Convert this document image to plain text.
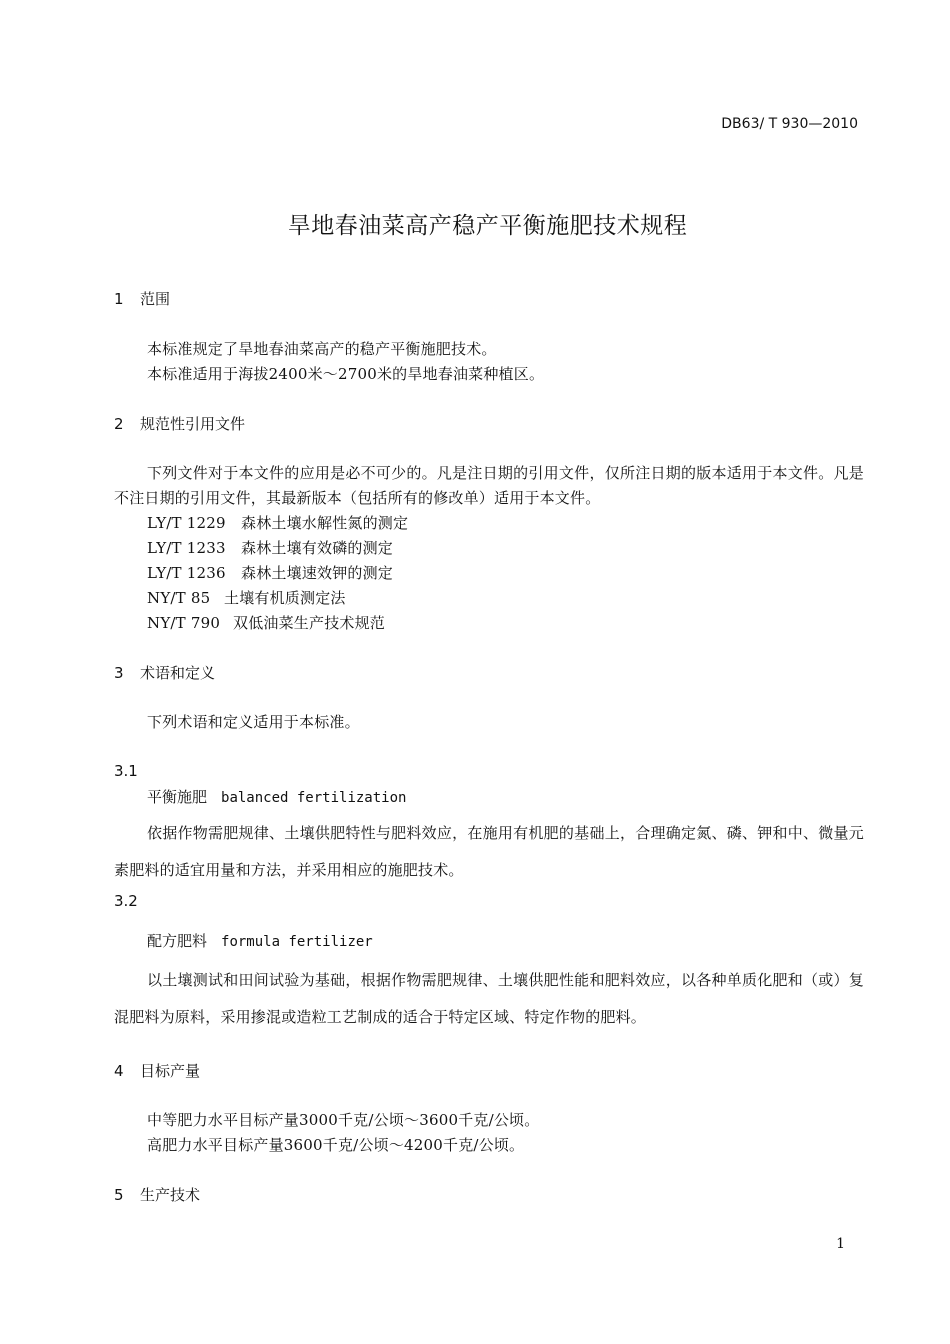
DB63/ T 930—2010
旱地春油菜高产稳产平衡施肥技术规程
1 范围
本标准规定了旱地春油菜高产的稳产平衡施肥技术。
本标准适用于海拔2400米～2700米的旱地春油菜种植区。
2 规范性引用文件
下列文件对于本文件的应用是必不可少的。凡是注日期的引用文件，仅所注日期的版本适用于本文件。凡是不注日期的引用文件，其最新版本（包括所有的修改单）适用于本文件。
LY/T 1229 森林土壤水解性氮的测定
LY/T 1233 森林土壤有效磷的测定
LY/T 1236 森林土壤速效钾的测定
NY/T 85 土壤有机质测定法
NY/T 790 双低油菜生产技术规范
3 术语和定义
下列术语和定义适用于本标准。
3.1
平衡施肥 balanced fertilization
依据作物需肥规律、土壤供肥特性与肥料效应，在施用有机肥的基础上，合理确定氮、磷、钾和中、微量元素肥料的适宜用量和方法，并采用相应的施肥技术。
3.2
配方肥料 formula fertilizer
以土壤测试和田间试验为基础，根据作物需肥规律、土壤供肥性能和肥料效应，以各种单质化肥和（或）复混肥料为原料，采用掺混或造粒工艺制成的适合于特定区域、特定作物的肥料。
4 目标产量
中等肥力水平目标产量3000千克/公顷～3600千克/公顷。
高肥力水平目标产量3600千克/公顷～4200千克/公顷。
5 生产技术
1
